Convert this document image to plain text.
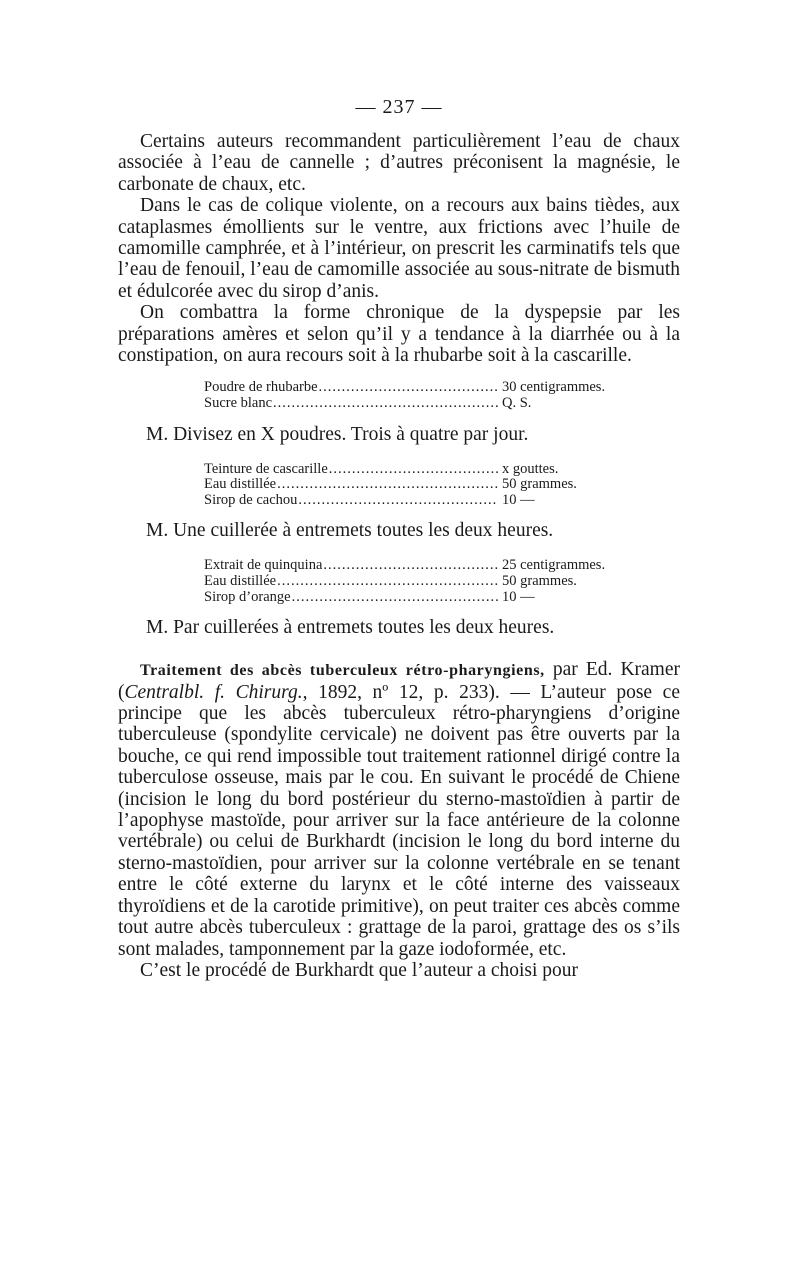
— 237 —

Certains auteurs recommandent particulièrement l’eau de chaux associée à l’eau de cannelle ; d’autres préconisent la magnésie, le carbonate de chaux, etc.

Dans le cas de colique violente, on a recours aux bains tièdes, aux cataplasmes émollients sur le ventre, aux frictions avec l’huile de camomille camphrée, et à l’intérieur, on prescrit les carminatifs tels que l’eau de fenouil, l’eau de camomille associée au sous-nitrate de bismuth et édulcorée avec du sirop d’anis.

On combattra la forme chronique de la dyspepsie par les préparations amères et selon qu’il y a tendance à la diarrhée ou à la constipation, on aura recours soit à la rhubarbe soit à la cascarille.

Poudre de rhubarbe .....	30 centigrammes.
Sucre blanc .....	Q. S.
M. Divisez en X poudres. Trois à quatre par jour.
Teinture de cascarille .....	x gouttes.
Eau distillée .....	50 grammes.
Sirop de cachou .....	10 —
M. Une cuillerée à entremets toutes les deux heures.
Extrait de quinquina .....	25 centigrammes.
Eau distillée .....	50 grammes.
Sirop d’orange .....	10 —
M. Par cuillerées à entremets toutes les deux heures.

Traitement des abcès tuberculeux rétro-pharyngiens, par Ed. Kramer (Centralbl. f. Chirurg., 1892, nº 12, p. 233). — L’auteur pose ce principe que les abcès tuberculeux rétro-pharyngiens d’origine tuberculeuse (spondylite cervicale) ne doivent pas être ouverts par la bouche, ce qui rend impossible tout traitement rationnel dirigé contre la tuberculose osseuse, mais par le cou. En suivant le procédé de Chiene (incision le long du bord postérieur du sterno-mastoïdien à partir de l’apophyse mastoïde, pour arriver sur la face antérieure de la colonne vertébrale) ou celui de Burkhardt (incision le long du bord interne du sterno-mastoïdien, pour arriver sur la colonne vertébrale en se tenant entre le côté externe du larynx et le côté interne des vaisseaux thyroïdiens et de la carotide primitive), on peut traiter ces abcès comme tout autre abcès tuberculeux : grattage de la paroi, grattage des os s’ils sont malades, tamponnement par la gaze iodoformée, etc.

C’est le procédé de Burkhardt que l’auteur a choisi pour
